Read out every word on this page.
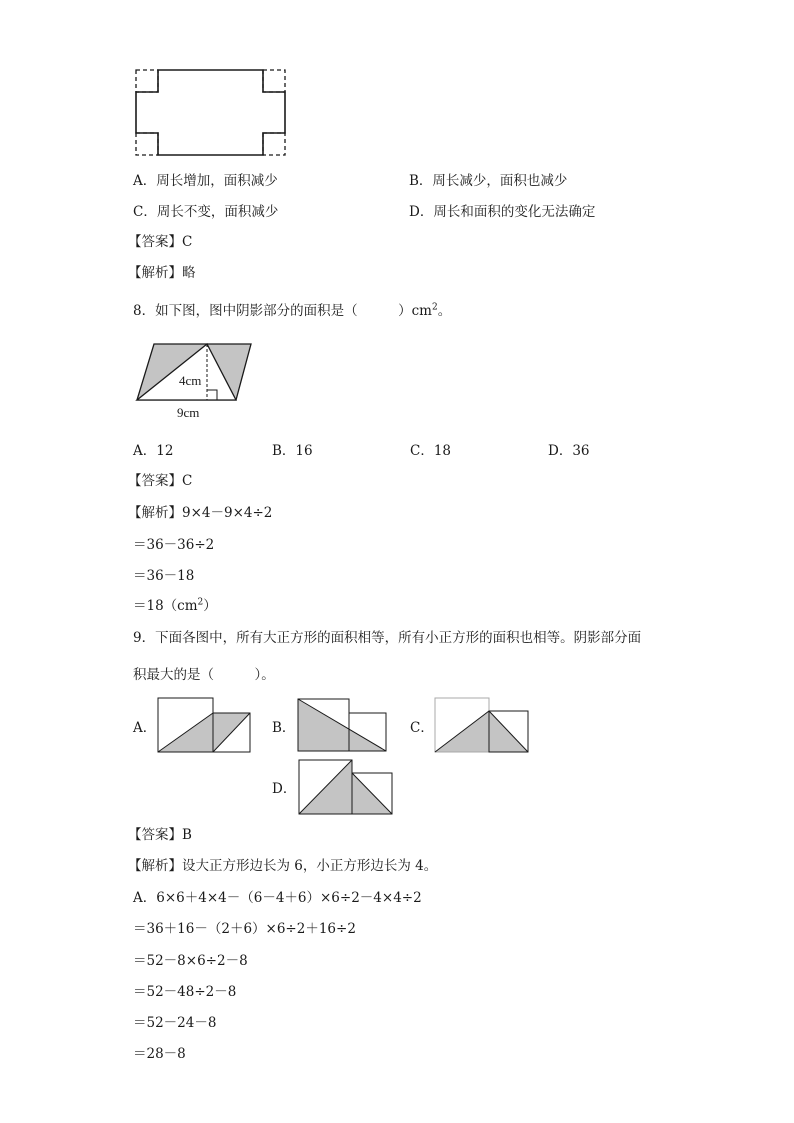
A．周长增加，面积减少	B．周长减少，面积也减少
C．周长不变，面积减少	D．周长和面积的变化无法确定
【答案】C
【解析】略
8．如下图，图中阴影部分的面积是（　　　）$cm^2$。
4cm
9cm
A．12	B．16	C．18	D．36
【答案】C
【解析】9×4－9×4÷2
＝36－36÷2
＝36－18
$=18(cm^2)$
9．下面各图中，所有大正方形的面积相等，所有小正方形的面积也相等。阴影部分面
积最大的是（　　　）。
A．	B．	C．
D．
【答案】B
【解析】设大正方形边长为 6，小正方形边长为 4。
A．6×6＋4×4－（6－4＋6）×6÷2－4×4÷2
＝36＋16－（2＋6）×6÷2＋16÷2
＝52－8×6÷2－8
＝52－48÷2－8
＝52－24－8
＝28－8
